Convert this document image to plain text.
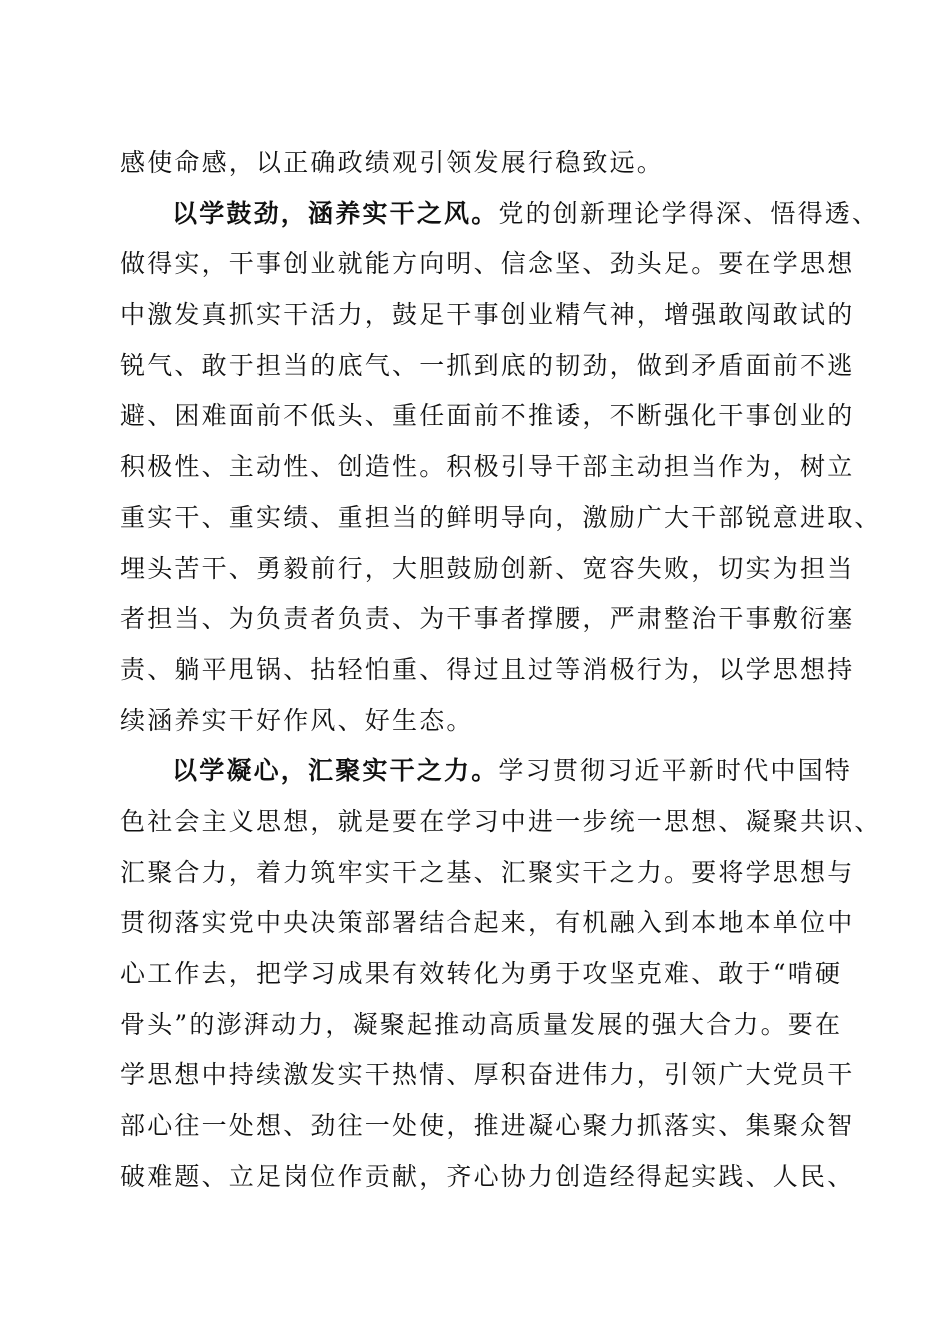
感使命感，以正确政绩观引领发展行稳致远。
以学鼓劲，涵养实干之风。党的创新理论学得深、悟得透、
做得实，干事创业就能方向明、信念坚、劲头足。要在学思想
中激发真抓实干活力，鼓足干事创业精气神，增强敢闯敢试的
锐气、敢于担当的底气、一抓到底的韧劲，做到矛盾面前不逃
避、困难面前不低头、重任面前不推诿，不断强化干事创业的
积极性、主动性、创造性。积极引导干部主动担当作为，树立
重实干、重实绩、重担当的鲜明导向，激励广大干部锐意进取、
埋头苦干、勇毅前行，大胆鼓励创新、宽容失败，切实为担当
者担当、为负责者负责、为干事者撑腰，严肃整治干事敷衍塞
责、躺平甩锅、拈轻怕重、得过且过等消极行为，以学思想持
续涵养实干好作风、好生态。
以学凝心，汇聚实干之力。学习贯彻习近平新时代中国特
色社会主义思想，就是要在学习中进一步统一思想、凝聚共识、
汇聚合力，着力筑牢实干之基、汇聚实干之力。要将学思想与
贯彻落实党中央决策部署结合起来，有机融入到本地本单位中
心工作去，把学习成果有效转化为勇于攻坚克难、敢于“啃硬
骨头”的澎湃动力，凝聚起推动高质量发展的强大合力。要在
学思想中持续激发实干热情、厚积奋进伟力，引领广大党员干
部心往一处想、劲往一处使，推进凝心聚力抓落实、集聚众智
破难题、立足岗位作贡献，齐心协力创造经得起实践、人民、
